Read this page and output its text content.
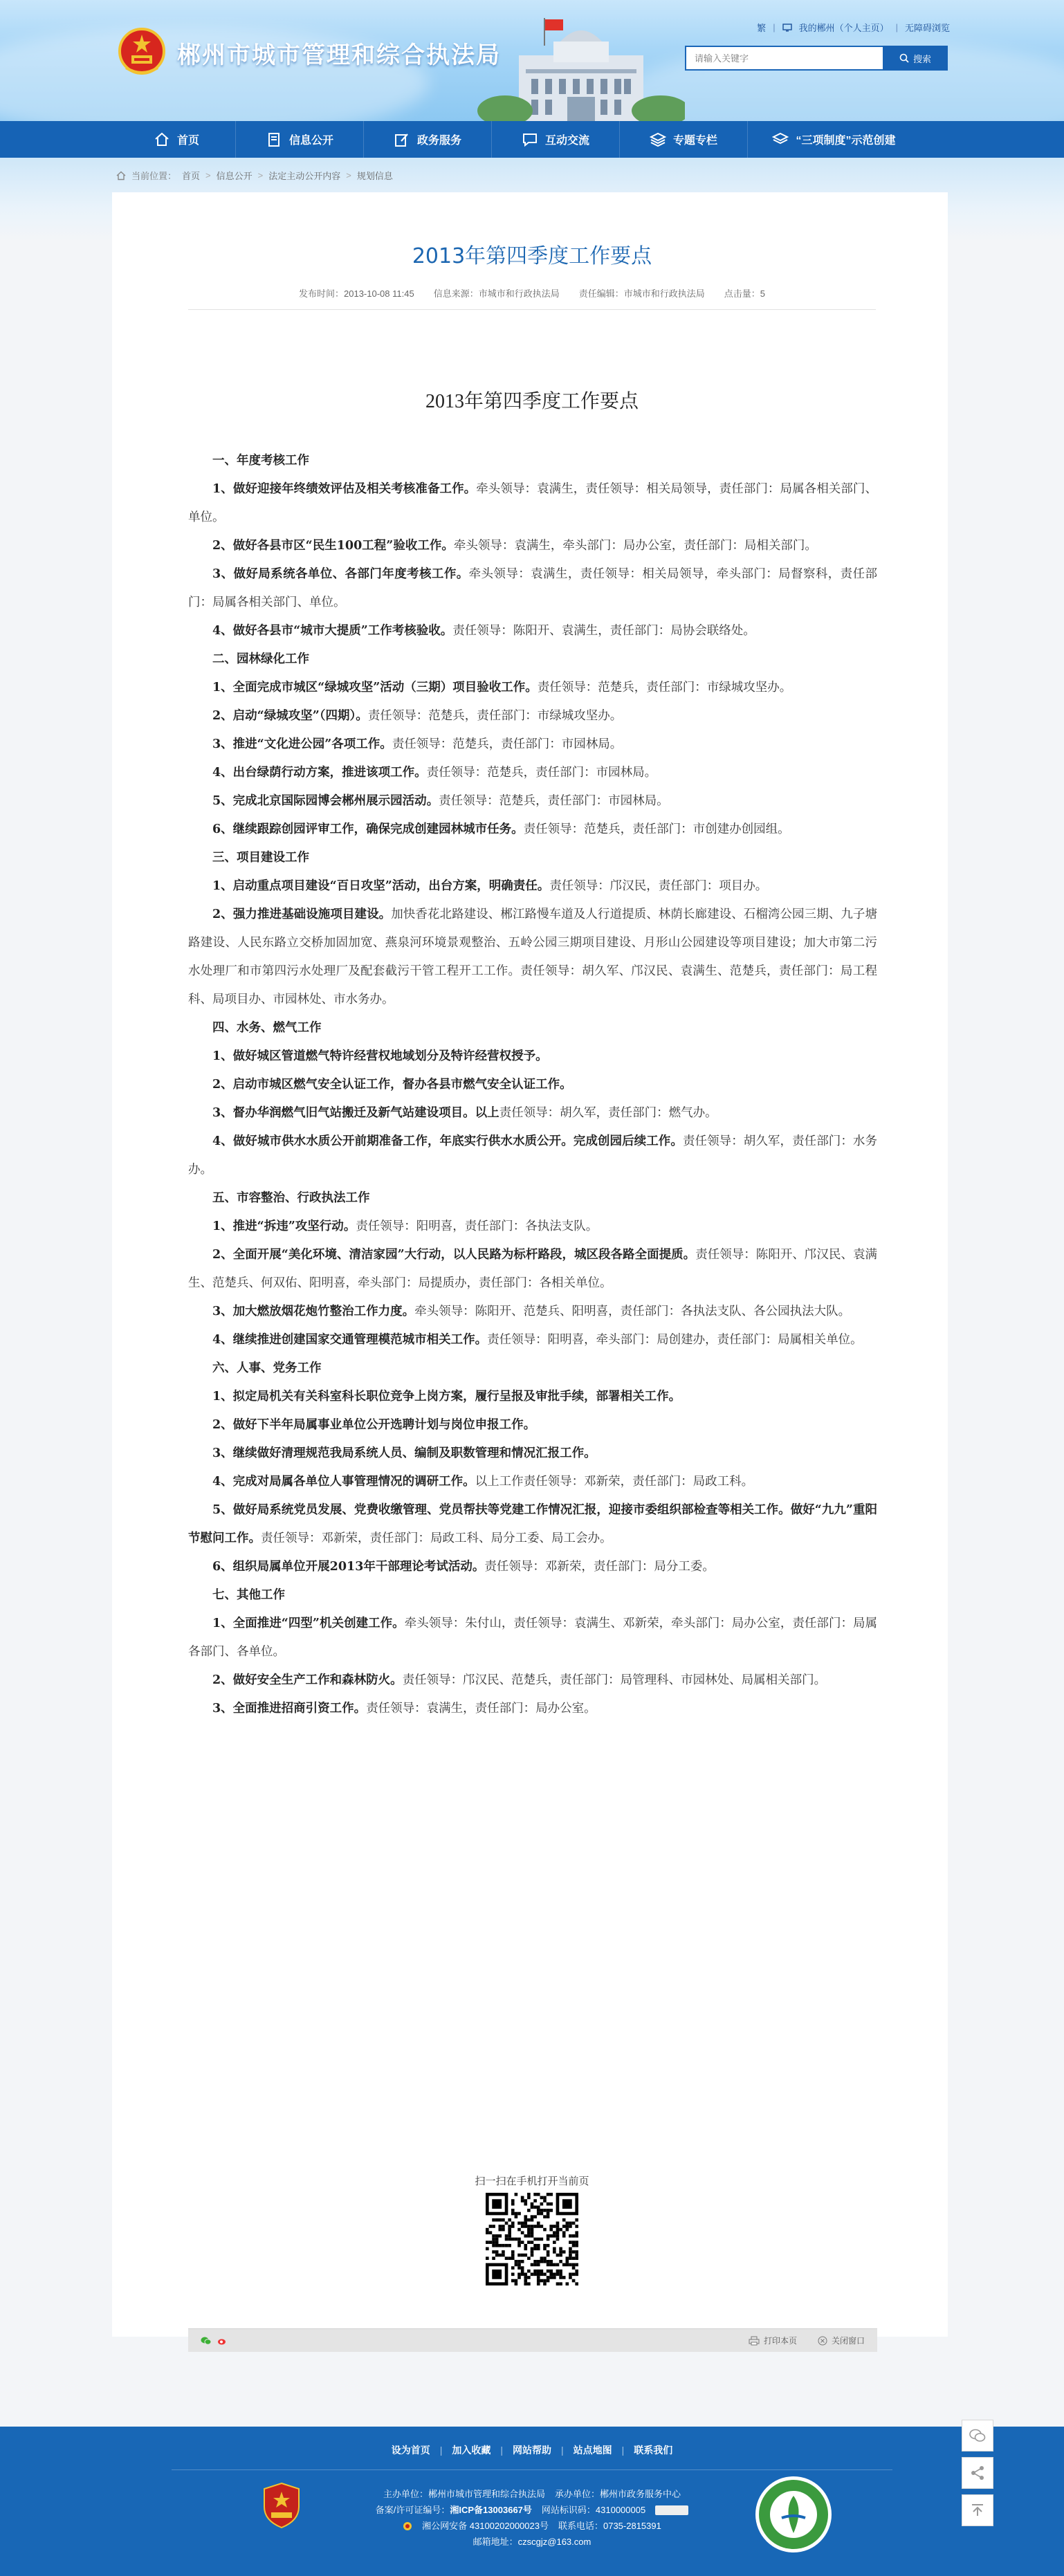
郴州市城市管理和综合执法局
繁 |	我的郴州（个人主页） | 无障碍浏览
请输入关键字
搜索
首页	信息公开	政务服务	互动交流	专题专栏	“三项制度”示范创建
当前位置： 首页 > 信息公开 > 法定主动公开内容 > 规划信息
2013年第四季度工作要点
发布时间：2013-10-08 11:45 信息来源：市城市和行政执法局 责任编辑：市城市和行政执法局 点击量：5
2013年第四季度工作要点

一、年度考核工作

1、做好迎接年终绩效评估及相关考核准备工作。牵头领导：袁满生，责任领导：相关局领导，责任部门：局属各相关部门、单位。

2、做好各县市区“民生100工程”验收工作。牵头领导：袁满生，牵头部门：局办公室，责任部门：局相关部门。

3、做好局系统各单位、各部门年度考核工作。牵头领导：袁满生，责任领导：相关局领导，牵头部门：局督察科，责任部门：局属各相关部门、单位。

4、做好各县市“城市大提质”工作考核验收。责任领导：陈阳开、袁满生，责任部门：局协会联络处。

二、园林绿化工作

1、全面完成市城区“绿城攻坚”活动（三期）项目验收工作。责任领导：范楚兵，责任部门：市绿城攻坚办。

2、启动“绿城攻坚”（四期）。责任领导：范楚兵，责任部门：市绿城攻坚办。

3、推进“文化进公园”各项工作。责任领导：范楚兵，责任部门：市园林局。

4、出台绿荫行动方案，推进该项工作。责任领导：范楚兵，责任部门：市园林局。

5、完成北京国际园博会郴州展示园活动。责任领导：范楚兵，责任部门：市园林局。

6、继续跟踪创园评审工作，确保完成创建园林城市任务。责任领导：范楚兵，责任部门：市创建办创园组。

三、项目建设工作

1、启动重点项目建设“百日攻坚”活动，出台方案，明确责任。责任领导：邝汉民，责任部门：项目办。

2、强力推进基础设施项目建设。加快香花北路建设、郴江路慢车道及人行道提质、林荫长廊建设、石榴湾公园三期、九子塘路建设、人民东路立交桥加固加宽、燕泉河环境景观整治、五岭公园三期项目建设、月形山公园建设等项目建设；加大市第二污水处理厂和市第四污水处理厂及配套截污干管工程开工工作。责任领导：胡久军、邝汉民、袁满生、范楚兵，责任部门：局工程科、局项目办、市园林处、市水务办。

四、水务、燃气工作

1、做好城区管道燃气特许经营权地域划分及特许经营权授予。

2、启动市城区燃气安全认证工作，督办各县市燃气安全认证工作。

3、督办华润燃气旧气站搬迁及新气站建设项目。以上责任领导：胡久军，责任部门：燃气办。

4、做好城市供水水质公开前期准备工作，年底实行供水水质公开。完成创园后续工作。责任领导：胡久军，责任部门：水务办。

五、市容整治、行政执法工作

1、推进“拆违”攻坚行动。责任领导：阳明喜，责任部门：各执法支队。

2、全面开展“美化环境、清洁家园”大行动，以人民路为标杆路段，城区段各路全面提质。责任领导：陈阳开、邝汉民、袁满生、范楚兵、何双佑、阳明喜，牵头部门：局提质办，责任部门：各相关单位。

3、加大燃放烟花炮竹整治工作力度。牵头领导：陈阳开、范楚兵、阳明喜，责任部门：各执法支队、各公园执法大队。

4、继续推进创建国家交通管理模范城市相关工作。责任领导：阳明喜，牵头部门：局创建办，责任部门：局属相关单位。

六、人事、党务工作

1、拟定局机关有关科室科长职位竞争上岗方案，履行呈报及审批手续，部署相关工作。

2、做好下半年局属事业单位公开选聘计划与岗位申报工作。

3、继续做好清理规范我局系统人员、编制及职数管理和情况汇报工作。

4、完成对局属各单位人事管理情况的调研工作。以上工作责任领导：邓新荣，责任部门：局政工科。

5、做好局系统党员发展、党费收缴管理、党员帮扶等党建工作情况汇报，迎接市委组织部检查等相关工作。做好“九九”重阳节慰问工作。责任领导：邓新荣，责任部门：局政工科、局分工委、局工会办。

6、组织局属单位开展2013年干部理论考试活动。责任领导：邓新荣，责任部门：局分工委。

七、其他工作

1、全面推进“四型”机关创建工作。牵头领导：朱付山，责任领导：袁满生、邓新荣，牵头部门：局办公室，责任部门：局属各部门、各单位。

2、做好安全生产工作和森林防火。责任领导：邝汉民、范楚兵，责任部门：局管理科、市园林处、局属相关部门。

3、全面推进招商引资工作。责任领导：袁满生，责任部门：局办公室。

扫一扫在手机打开当前页
打印本页	关闭窗口
设为首页 | 加入收藏 | 网站帮助 | 站点地图 | 联系我们
主办单位：郴州市城市管理和综合执法局 承办单位：郴州市政务服务中心
备案/许可证编号：湘ICP备13003667号 网站标识码：4310000005
湘公网安备 43100202000023号 联系电话：0735-2815391
邮箱地址：czscgjz@163.com
